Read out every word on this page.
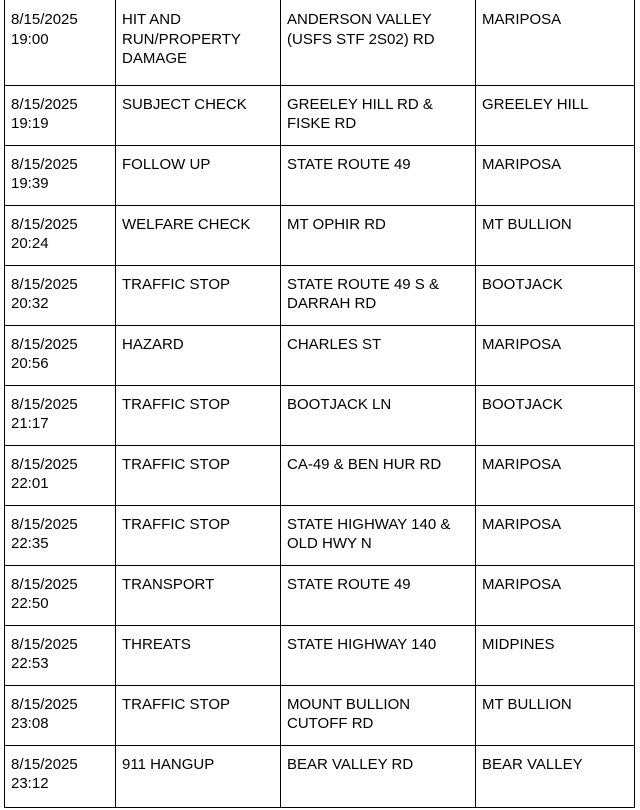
8/15/2025
19:00	HIT AND
RUN/PROPERTY
DAMAGE	ANDERSON VALLEY
(USFS STF 2S02) RD	MARIPOSA

8/15/2025
19:19	SUBJECT CHECK	GREELEY HILL RD &
FISKE RD	GREELEY HILL

8/15/2025
19:39	FOLLOW UP	STATE ROUTE 49	MARIPOSA

8/15/2025
20:24	WELFARE CHECK	MT OPHIR RD	MT BULLION

8/15/2025
20:32	TRAFFIC STOP	STATE ROUTE 49 S &
DARRAH RD	BOOTJACK

8/15/2025
20:56	HAZARD	CHARLES ST	MARIPOSA

8/15/2025
21:17	TRAFFIC STOP	BOOTJACK LN	BOOTJACK

8/15/2025
22:01	TRAFFIC STOP	CA-49 & BEN HUR RD	MARIPOSA

8/15/2025
22:35	TRAFFIC STOP	STATE HIGHWAY 140 &
OLD HWY N	MARIPOSA

8/15/2025
22:50	TRANSPORT	STATE ROUTE 49	MARIPOSA

8/15/2025
22:53	THREATS	STATE HIGHWAY 140	MIDPINES

8/15/2025
23:08	TRAFFIC STOP	MOUNT BULLION
CUTOFF RD	MT BULLION

8/15/2025
23:12	911 HANGUP	BEAR VALLEY RD	BEAR VALLEY
